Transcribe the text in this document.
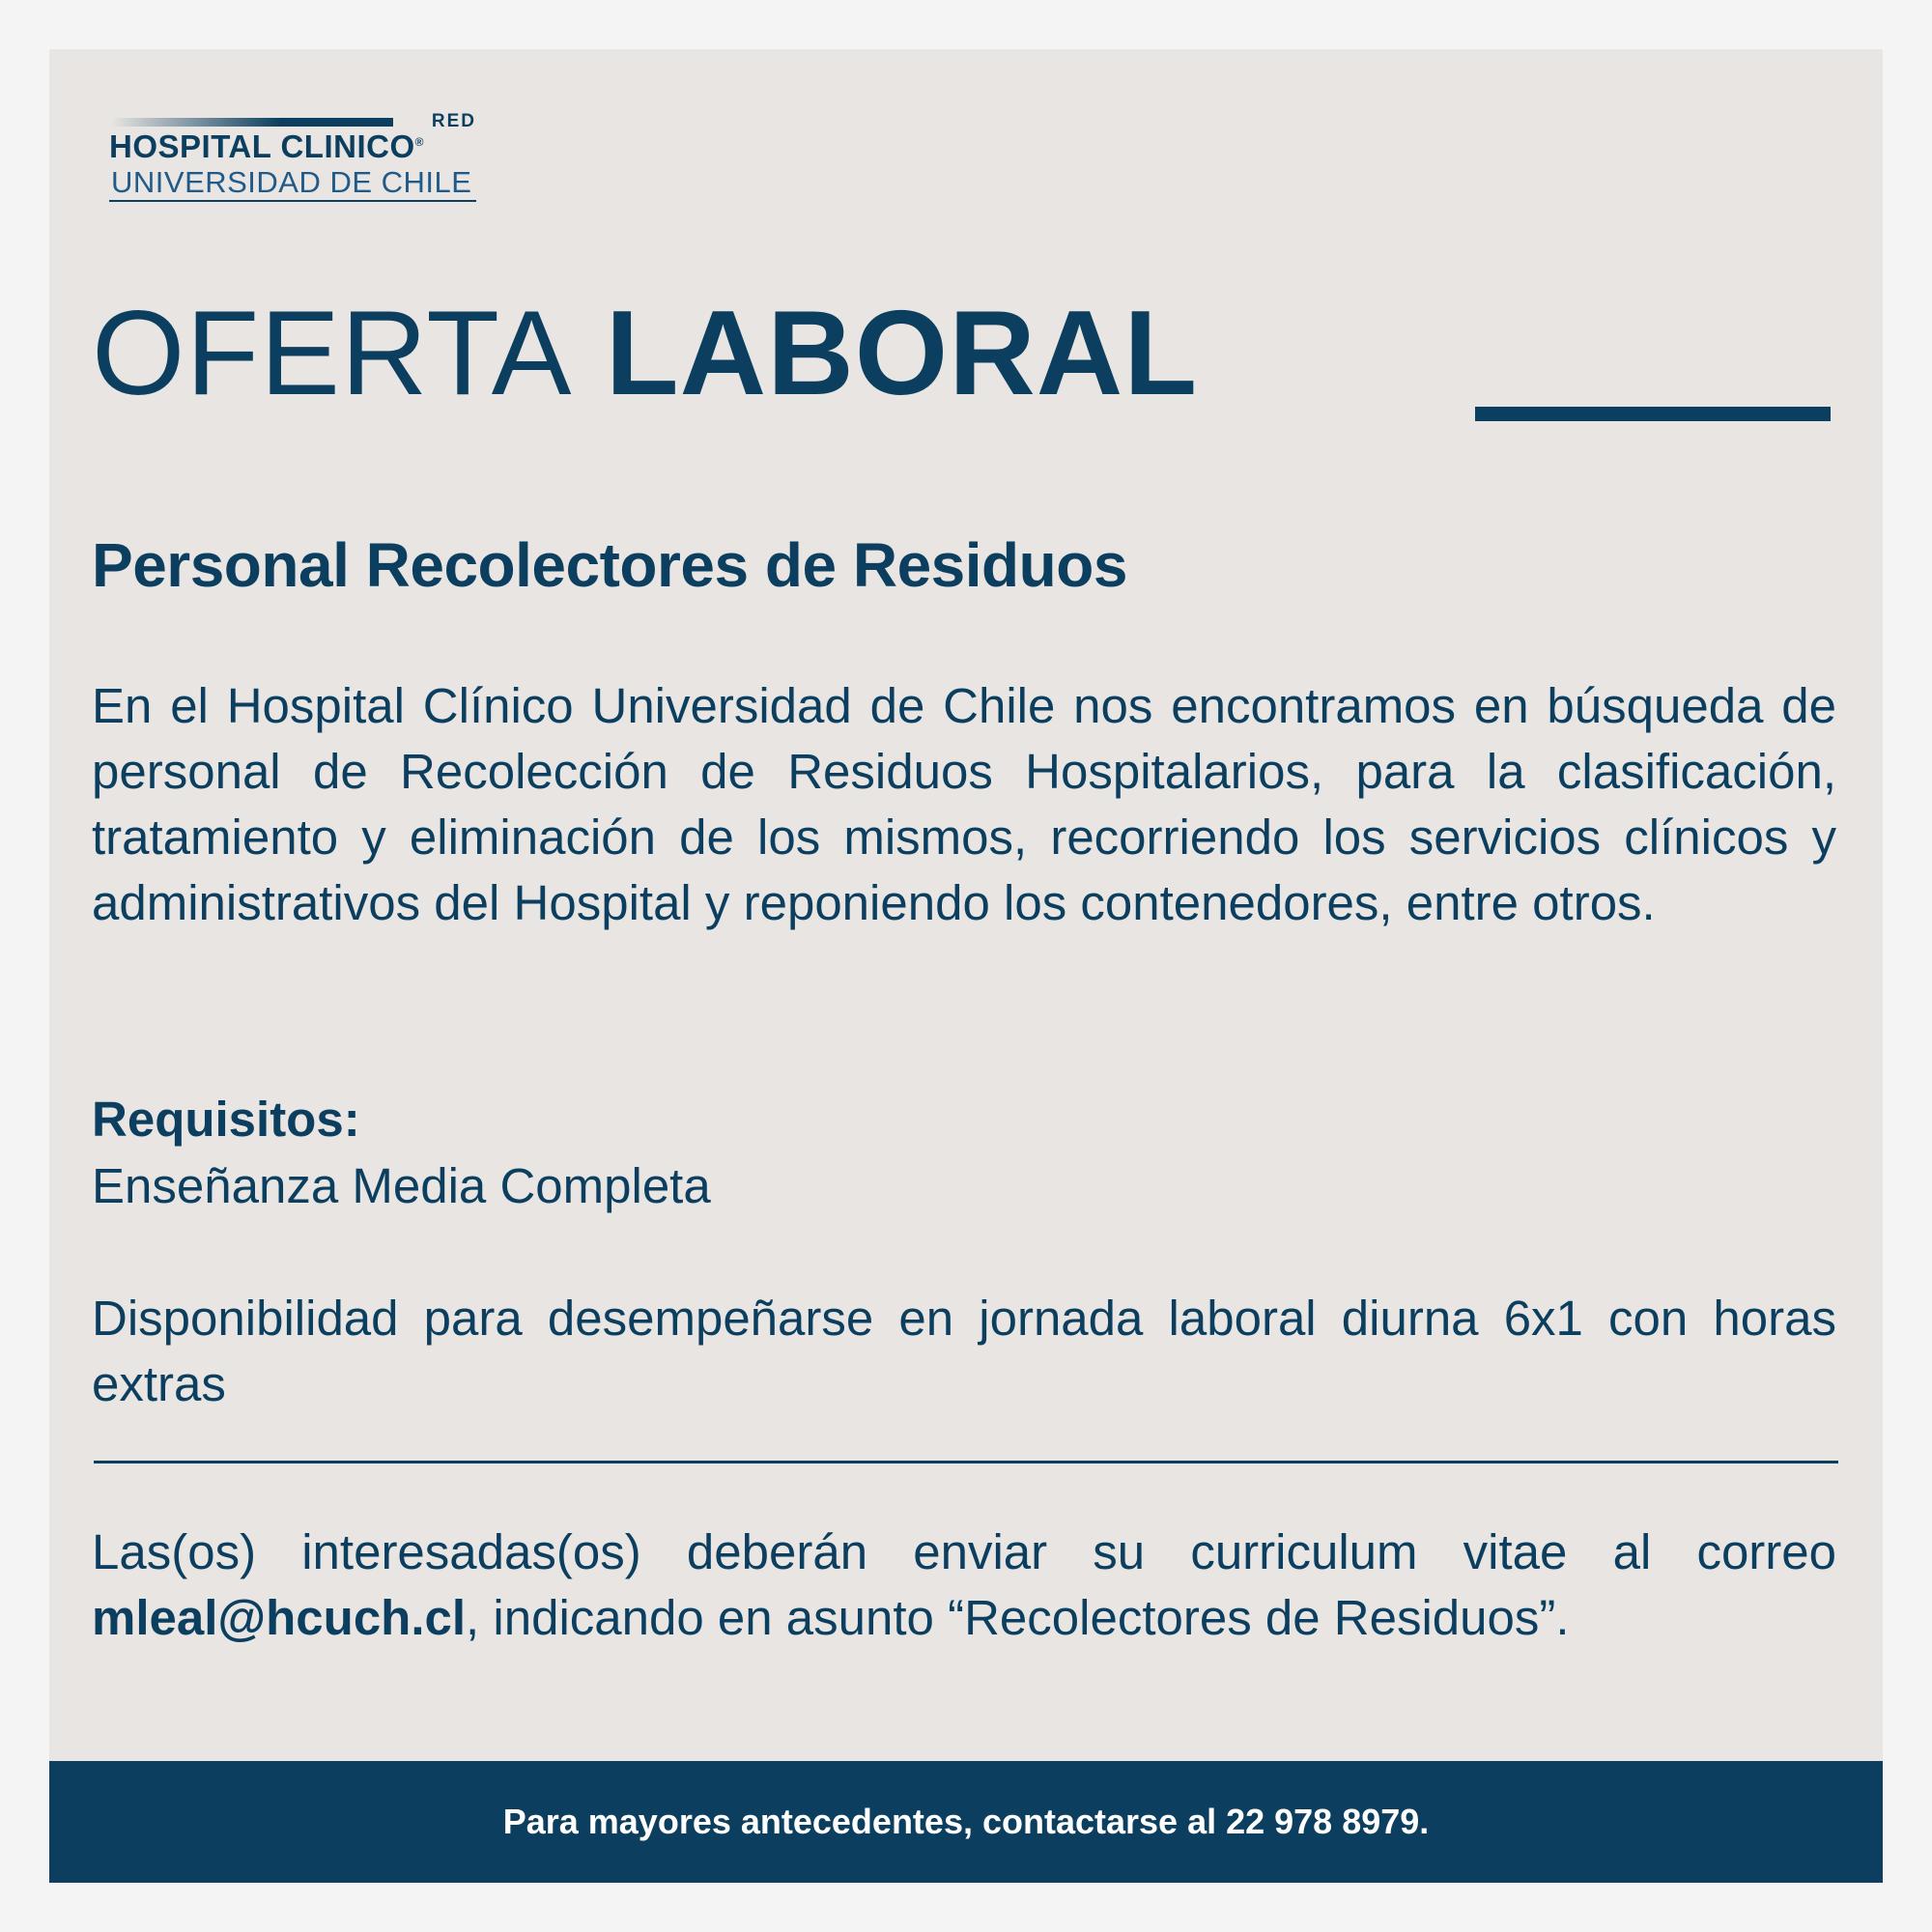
RED
HOSPITAL CLINICO®
UNIVERSIDAD DE CHILE
OFERTA LABORAL
Personal Recolectores de Residuos
En el Hospital Clínico Universidad de Chile nos encontramos en búsqueda de personal de Recolección de Residuos Hospitalarios, para la clasificación, tratamiento y eliminación de los mismos, recorriendo los servicios clínicos y administrativos del Hospital y reponiendo los contenedores, entre otros.
Requisitos:
Enseñanza Media Completa
Disponibilidad para desempeñarse en jornada laboral diurna 6x1 con horas extras
Las(os) interesadas(os) deberán enviar su curriculum vitae al correo mleal@hcuch.cl, indicando en asunto “Recolectores de Residuos”.
Para mayores antecedentes, contactarse al 22 978 8979.
